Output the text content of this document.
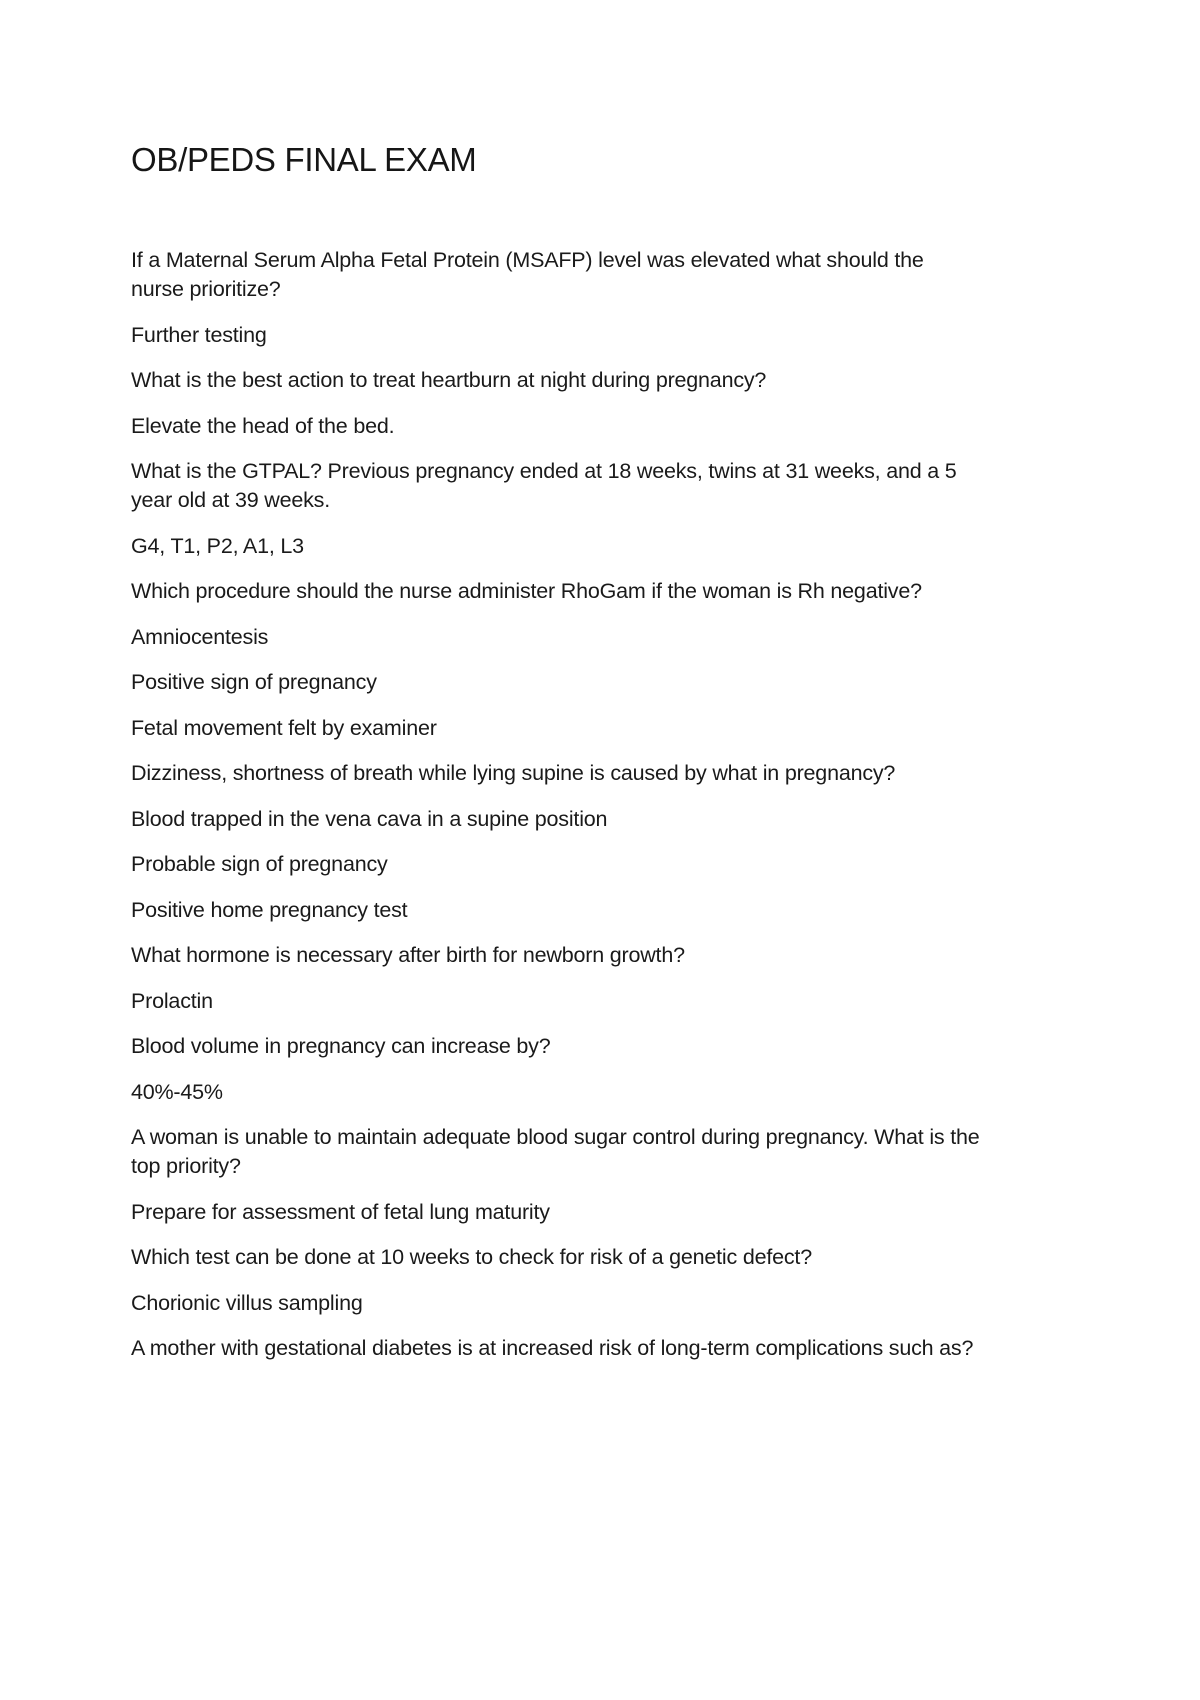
OB/PEDS FINAL EXAM

If a Maternal Serum Alpha Fetal Protein (MSAFP) level was elevated what should the nurse prioritize?

Further testing

What is the best action to treat heartburn at night during pregnancy?

Elevate the head of the bed.

What is the GTPAL? Previous pregnancy ended at 18 weeks, twins at 31 weeks, and a 5 year old at 39 weeks.

G4, T1, P2, A1, L3

Which procedure should the nurse administer RhoGam if the woman is Rh negative?

Amniocentesis

Positive sign of pregnancy

Fetal movement felt by examiner

Dizziness, shortness of breath while lying supine is caused by what in pregnancy?

Blood trapped in the vena cava in a supine position

Probable sign of pregnancy

Positive home pregnancy test

What hormone is necessary after birth for newborn growth?

Prolactin

Blood volume in pregnancy can increase by?

40%-45%

A woman is unable to maintain adequate blood sugar control during pregnancy. What is the top priority?

Prepare for assessment of fetal lung maturity

Which test can be done at 10 weeks to check for risk of a genetic defect?

Chorionic villus sampling

A mother with gestational diabetes is at increased risk of long-term complications such as?
